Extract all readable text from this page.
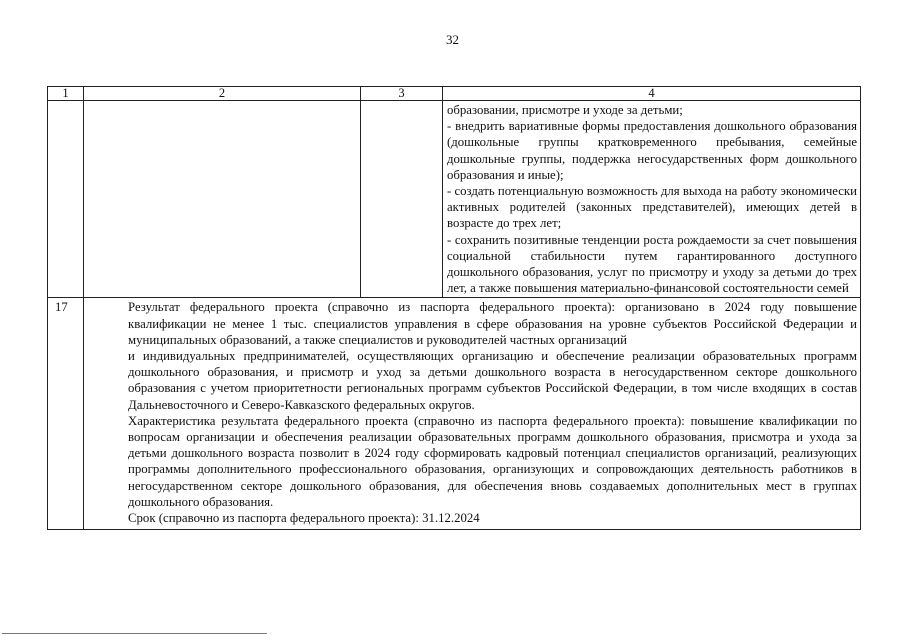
32
1	2	3	4

			образовании, присмотре и уходе за детьми;
- внедрить вариативные формы предоставления дошкольного образования (дошкольные группы кратковременного пребывания, семейные дошкольные группы, поддержка негосударственных форм дошкольного образования и иные);
- создать потенциальную возможность для выхода на работу экономически активных родителей (законных представителей), имеющих детей в возрасте до трех лет;
- сохранить позитивные тенденции роста рождаемости за счет повышения социальной стабильности путем гарантированного доступного дошкольного образования, услуг по присмотру и уходу за детьми до трех лет, а также повышения материально-финансовой состоятельности семей

17	Результат федерального проекта (справочно из паспорта федерального проекта): организовано в 2024 году повышение квалификации не менее 1 тыс. специалистов управления в сфере образования на уровне субъектов Российской Федерации и муниципальных образований, а также специалистов и руководителей частных организаций

и индивидуальных предпринимателей, осуществляющих организацию и обеспечение реализации образовательных программ дошкольного образования, и присмотр и уход за детьми дошкольного возраста в негосударственном секторе дошкольного образования с учетом приоритетности региональных программ субъектов Российской Федерации, в том числе входящих в состав Дальневосточного и Северо-Кавказского федеральных округов.

Характеристика результата федерального проекта (справочно из паспорта федерального проекта): повышение квалификации по вопросам организации и обеспечения реализации образовательных программ дошкольного образования, присмотра и ухода за детьми дошкольного возраста позволит в 2024 году сформировать кадровый потенциал специалистов организаций, реализующих программы дополнительного профессионального образования, организующих и сопровождающих деятельность работников в негосударственном секторе дошкольного образования, для обеспечения вновь создаваемых дополнительных мест в группах дошкольного образования.

Срок (справочно из паспорта федерального проекта): 31.12.2024		
